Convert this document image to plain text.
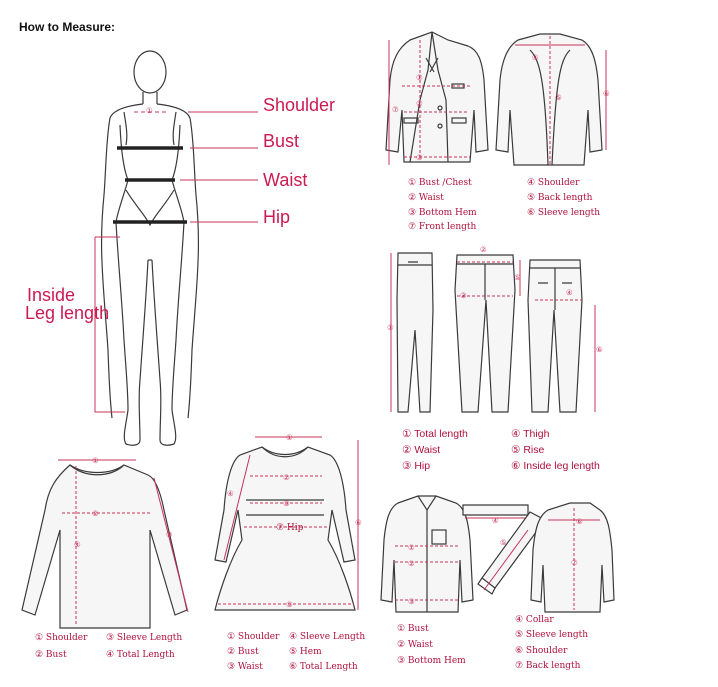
How to Measure:
①
①
②
③
⑦
④
⑤	⑥
①
②
③
⑤
④
⑥
①
②
③
④
①
②
③
④
⑤
⑥
①
②
③
④
⑤
⑥
⑦
Shoulder
Bust
Waist
Hip
Inside
Leg length
① Bust /Chest
② Waist
③ Bottom Hem
⑦ Front length
④ Shoulder
⑤ Back length
⑥ Sleeve length
① Total length
② Waist
③ Hip
④ Thigh
⑤ Rise
⑥ Inside leg length
① Shoulder
② Bust
③ Sleeve Length
④ Total Length
① Shoulder
② Bust
③ Waist
④ Sleeve Length
⑤ Hem
⑥ Total Length
⑦ Hip
① Bust
② Waist
③ Bottom Hem
④ Collar
⑤ Sleeve length
⑥ Shoulder
⑦ Back length
